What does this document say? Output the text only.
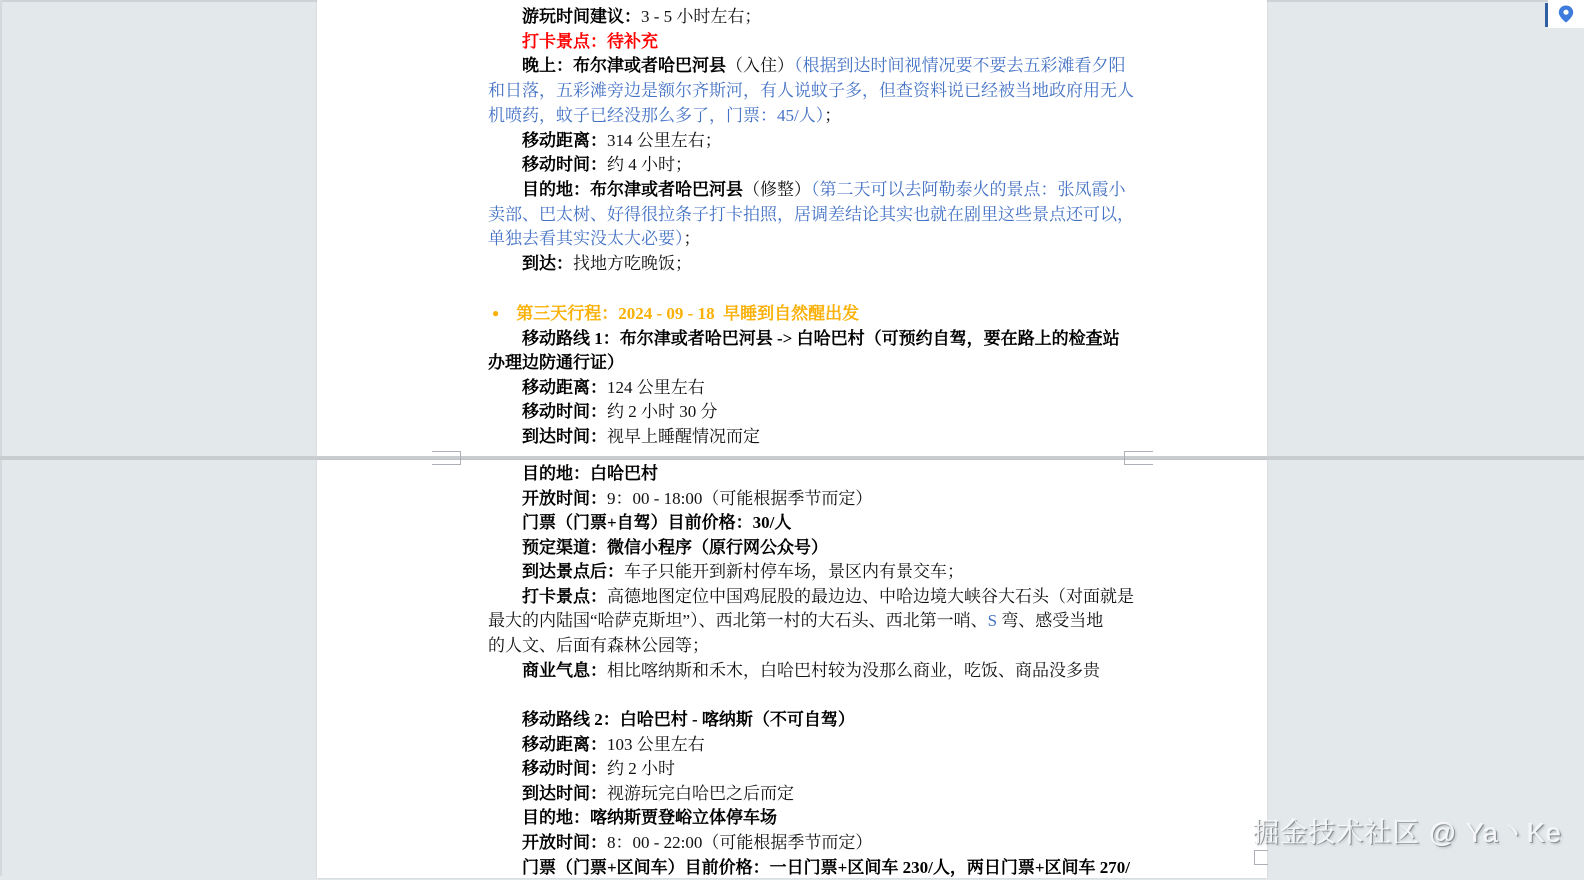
游玩时间建议：3 - 5 小时左右；
打卡景点：待补充
晚上：布尔津或者哈巴河县（入住）（根据到达时间视情况要不要去五彩滩看夕阳
和日落，五彩滩旁边是额尔齐斯河，有人说蚊子多，但查资料说已经被当地政府用无人
机喷药，蚊子已经没那么多了，门票：45/人）；
移动距离：314 公里左右；
移动时间：约 4 小时；
目的地：布尔津或者哈巴河县（修整）（第二天可以去阿勒泰火的景点：张凤霞小
卖部、巴太树、好得很拉条子打卡拍照，居调差结论其实也就在剧里这些景点还可以，
单独去看其实没太大必要）；
到达：找地方吃晚饭；
● 第三天行程：2024 - 09 - 18  早睡到自然醒出发
移动路线 1：布尔津或者哈巴河县 -> 白哈巴村（可预约自驾，要在路上的检查站
办理边防通行证）
移动距离：124 公里左右
移动时间：约 2 小时 30 分
到达时间：视早上睡醒情况而定
目的地：白哈巴村
开放时间：9：00 - 18:00（可能根据季节而定）
门票（门票+自驾）目前价格：30/人
预定渠道：微信小程序（原行网公众号）
到达景点后：车子只能开到新村停车场，景区内有景交车；
打卡景点：高德地图定位中国鸡屁股的最边边、中哈边境大峡谷大石头（对面就是
最大的内陆国“哈萨克斯坦”）、西北第一村的大石头、西北第一哨、S 弯、感受当地
的人文、后面有森林公园等；
商业气息：相比喀纳斯和禾木，白哈巴村较为没那么商业，吃饭、商品没多贵
移动路线 2：白哈巴村 - 喀纳斯（不可自驾）
移动距离：103 公里左右
移动时间：约 2 小时
到达时间：视游玩完白哈巴之后而定
目的地：喀纳斯贾登峪立体停车场
开放时间：8：00 - 22:00（可能根据季节而定）
门票（门票+区间车）目前价格：一日门票+区间车 230/人，两日门票+区间车 270/
掘金技术社区 @ Ya丶Ke
